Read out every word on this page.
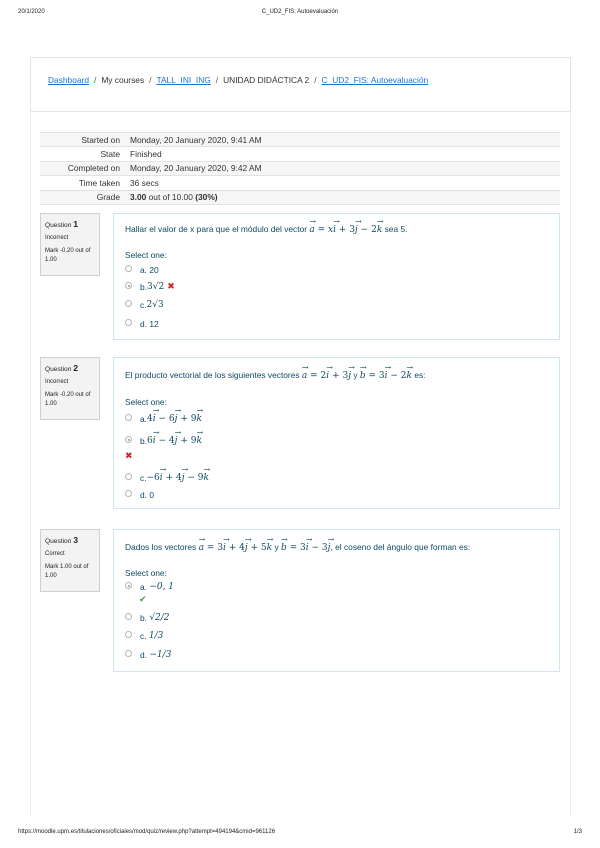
20/1/2020	C_UD2_FIS: Autoevaluación
Dashboard / My courses / TALL_INI_ING / UNIDAD DIDÁCTICA 2 / C_UD2_FIS: Autoevaluación
Started on	Monday, 20 January 2020, 9:41 AM
State	Finished
Completed on	Monday, 20 January 2020, 9:42 AM
Time taken	36 secs
Grade	3.00 out of 10.00 (30%)
Question 1
Incorrect
Mark -0.20 out of 1.00
Hallar el valor de x para que el módulo del vector → a = x→ i + 3→ j − 2→ k sea 5.
Select one:
a. 20
b.3√2 ✖
c.2√3
d. 12
Question 2
Incorrect
Mark -0.20 out of 1.00
El producto vectorial de los siguientes vectores → a = 2→ i + 3→ j y → b = 3→ i − 2→ k es:
Select one:
a.4→ i − 6→ j + 9→ k
b.6→ i − 4→ j + 9→ k
✖
c.−6→ i + 4→ j − 9→ k
d. 0
Question 3
Correct
Mark 1.00 out of 1.00
Dados los vectores → a = 3→ i + 4→ j + 5→ k y → b = 3→ i − 3→ j, el coseno del ángulo que forman es:
Select one:
a. −0, 1
✔
b. √2/2
c. 1/3
d. −1/3
https://moodle.upm.es/titulaciones/oficiales/mod/quiz/review.php?attempt=494194&cmid=961126	1/3
